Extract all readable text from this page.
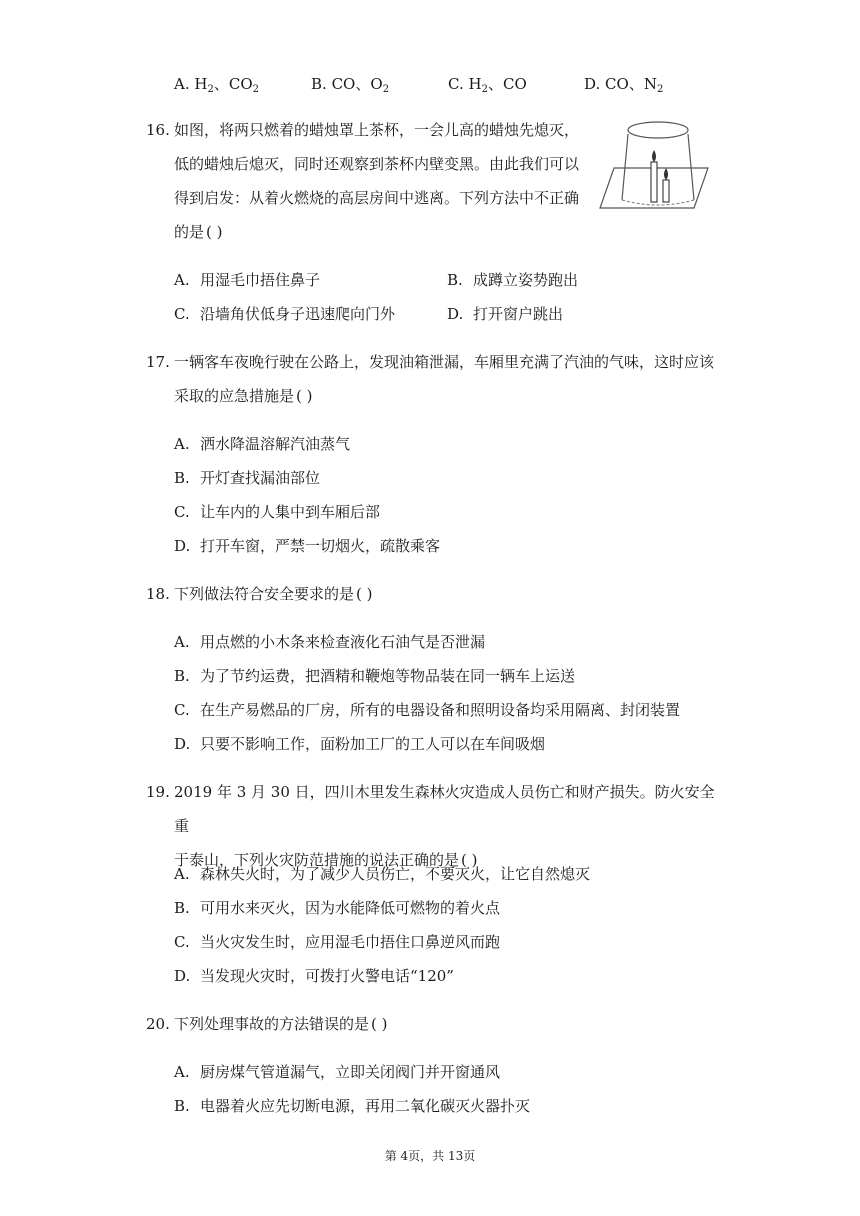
A. $H_2$、$CO_2$	B. CO、$O_2$	C. $H_2$、CO	D. CO、$N_2$
16. 如图，将两只燃着的蜡烛罩上茶杯，一会儿高的蜡烛先熄灭，
低的蜡烛后熄灭，同时还观察到茶杯内壁变黑。由此我们可以
得到启发：从着火燃烧的高层房间中逃离。下列方法中不正确
的是 ( )
A. 用湿毛巾捂住鼻子	B. 成蹲立姿势跑出
C. 沿墙角伏低身子迅速爬向门外	D. 打开窗户跳出
17. 一辆客车夜晚行驶在公路上，发现油箱泄漏，车厢里充满了汽油的气味，这时应该
采取的应急措施是 ( )
A. 洒水降温溶解汽油蒸气
B. 开灯查找漏油部位
C. 让车内的人集中到车厢后部
D. 打开车窗，严禁一切烟火，疏散乘客
18. 下列做法符合安全要求的是 ( )
A. 用点燃的小木条来检查液化石油气是否泄漏
B. 为了节约运费，把酒精和鞭炮等物品装在同一辆车上运送
C. 在生产易燃品的厂房，所有的电器设备和照明设备均采用隔离、封闭装置
D. 只要不影响工作，面粉加工厂的工人可以在车间吸烟
19. 2019 年 3 月 30 日，四川木里发生森林火灾造成人员伤亡和财产损失。防火安全重
于泰山，下列火灾防范措施的说法正确的是 ( )
A. 森林失火时，为了减少人员伤亡，不要灭火，让它自然熄灭
B. 可用水来灭火，因为水能降低可燃物的着火点
C. 当火灾发生时，应用湿毛巾捂住口鼻逆风而跑
D. 当发现火灾时，可拨打火警电话“120”
20. 下列处理事故的方法错误的是 ( )
A. 厨房煤气管道漏气，立即关闭阀门并开窗通风
B. 电器着火应先切断电源，再用二氧化碳灭火器扑灭
第 4页，共 13页
